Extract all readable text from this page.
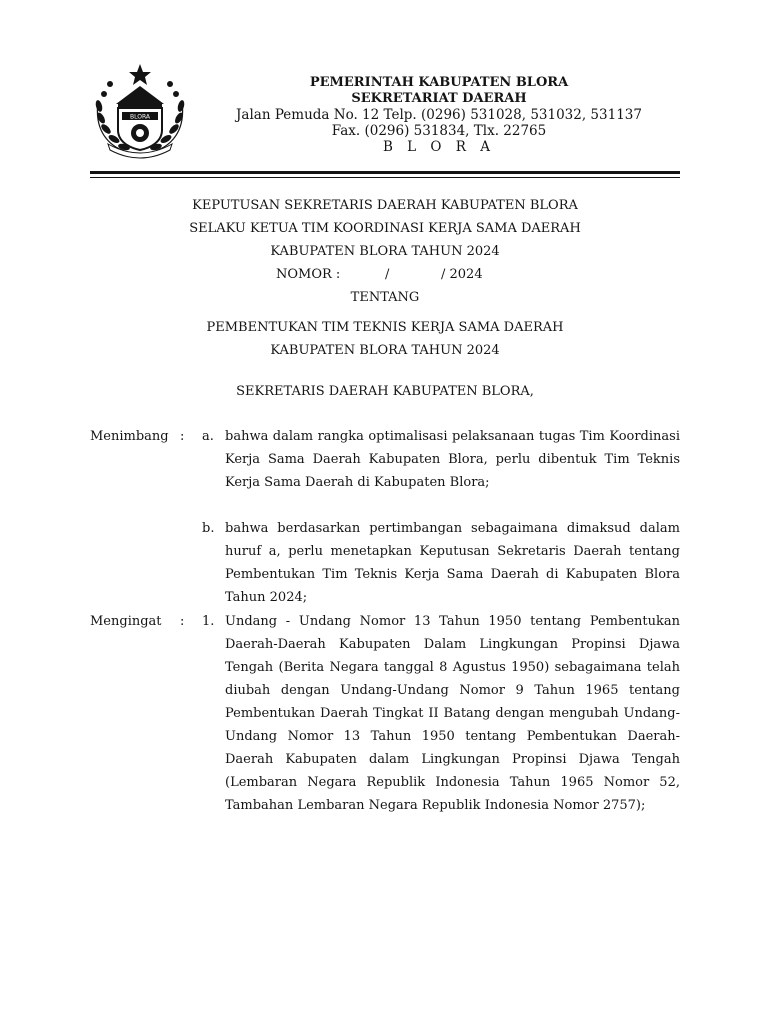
BLORA
PEMERINTAH KABUPATEN BLORA
SEKRETARIAT DAERAH
Jalan Pemuda No. 12 Telp. (0296) 531028, 531032, 531137
Fax. (0296) 531834, Tlx. 22765
B L O R A
KEPUTUSAN SEKRETARIS DAERAH KABUPATEN BLORA
SELAKU KETUA TIM KOORDINASI KERJA SAMA DAERAH
KABUPATEN BLORA TAHUN 2024
NOMOR :	/	/ 2024
TENTANG
PEMBENTUKAN TIM TEKNIS KERJA SAMA DAERAH
KABUPATEN BLORA TAHUN 2024
SEKRETARIS DAERAH KABUPATEN BLORA,
Menimbang : a. bahwa dalam rangka optimalisasi pelaksanaan tugas Tim Koordinasi Kerja Sama Daerah Kabupaten Blora, perlu dibentuk Tim Teknis Kerja Sama Daerah di Kabupaten Blora;

b. bahwa berdasarkan pertimbangan sebagaimana dimaksud dalam huruf a, perlu menetapkan Keputusan Sekretaris Daerah tentang Pembentukan Tim Teknis Kerja Sama Daerah di Kabupaten Blora Tahun 2024;

Mengingat : 1. Undang - Undang Nomor 13 Tahun 1950 tentang Pembentukan Daerah-Daerah Kabupaten Dalam Lingkungan Propinsi Djawa Tengah (Berita Negara tanggal 8 Agustus 1950) sebagaimana telah diubah dengan Undang-Undang Nomor 9 Tahun 1965 tentang Pembentukan Daerah Tingkat II Batang dengan mengubah Undang-Undang Nomor 13 Tahun 1950 tentang Pembentukan Daerah-Daerah Kabupaten dalam Lingkungan Propinsi Djawa Tengah (Lembaran Negara Republik Indonesia Tahun 1965 Nomor 52, Tambahan Lembaran Negara Republik Indonesia Nomor 2757);
